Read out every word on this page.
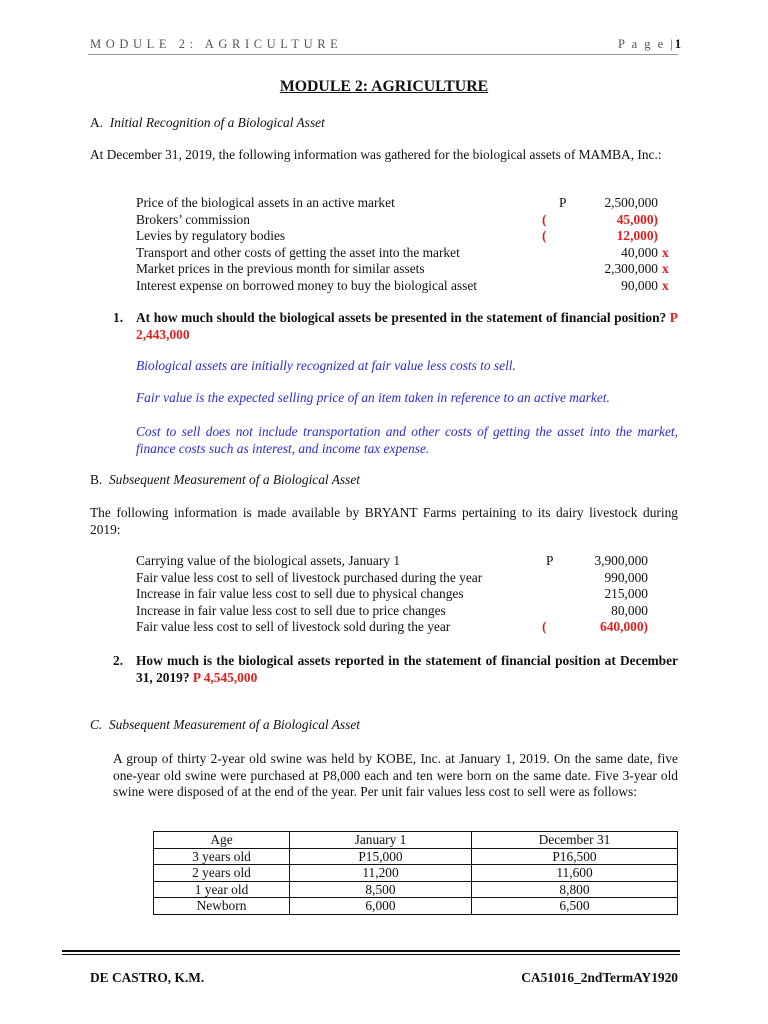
MODULE 2: AGRICULTURE	P a g e |1
MODULE 2: AGRICULTURE
A. Initial Recognition of a Biological Asset
At December 31, 2019, the following information was gathered for the biological assets of MAMBA, Inc.:
Price of the biological assets in an active market	P	2,500,000
Brokers’ commission	(	45,000)
Levies by regulatory bodies	(	12,000)
Transport and other costs of getting the asset into the market	40,000 x
Market prices in the previous month for similar assets	2,300,000 x
Interest expense on borrowed money to buy the biological asset	90,000 x
1. At how much should the biological assets be presented in the statement of financial position? P 2,443,000
Biological assets are initially recognized at fair value less costs to sell.
Fair value is the expected selling price of an item taken in reference to an active market.
Cost to sell does not include transportation and other costs of getting the asset into the market, finance costs such as interest, and income tax expense.
B. Subsequent Measurement of a Biological Asset
The following information is made available by BRYANT Farms pertaining to its dairy livestock during 2019:
Carrying value of the biological assets, January 1	P	3,900,000
Fair value less cost to sell of livestock purchased during the year	990,000
Increase in fair value less cost to sell due to physical changes	215,000
Increase in fair value less cost to sell due to price changes	80,000
Fair value less cost to sell of livestock sold during the year	(	640,000)
2. How much is the biological assets reported in the statement of financial position at December 31, 2019? P 4,545,000
C. Subsequent Measurement of a Biological Asset
A group of thirty 2-year old swine was held by KOBE, Inc. at January 1, 2019. On the same date, five one-year old swine were purchased at P8,000 each and ten were born on the same date. Five 3-year old swine were disposed of at the end of the year. Per unit fair values less cost to sell were as follows:
Age	January 1	December 31
3 years old	P15,000	P16,500
2 years old	11,200	11,600
1 year old	8,500	8,800
Newborn	6,000	6,500
DE CASTRO, K.M.	CA51016_2ndTermAY1920
